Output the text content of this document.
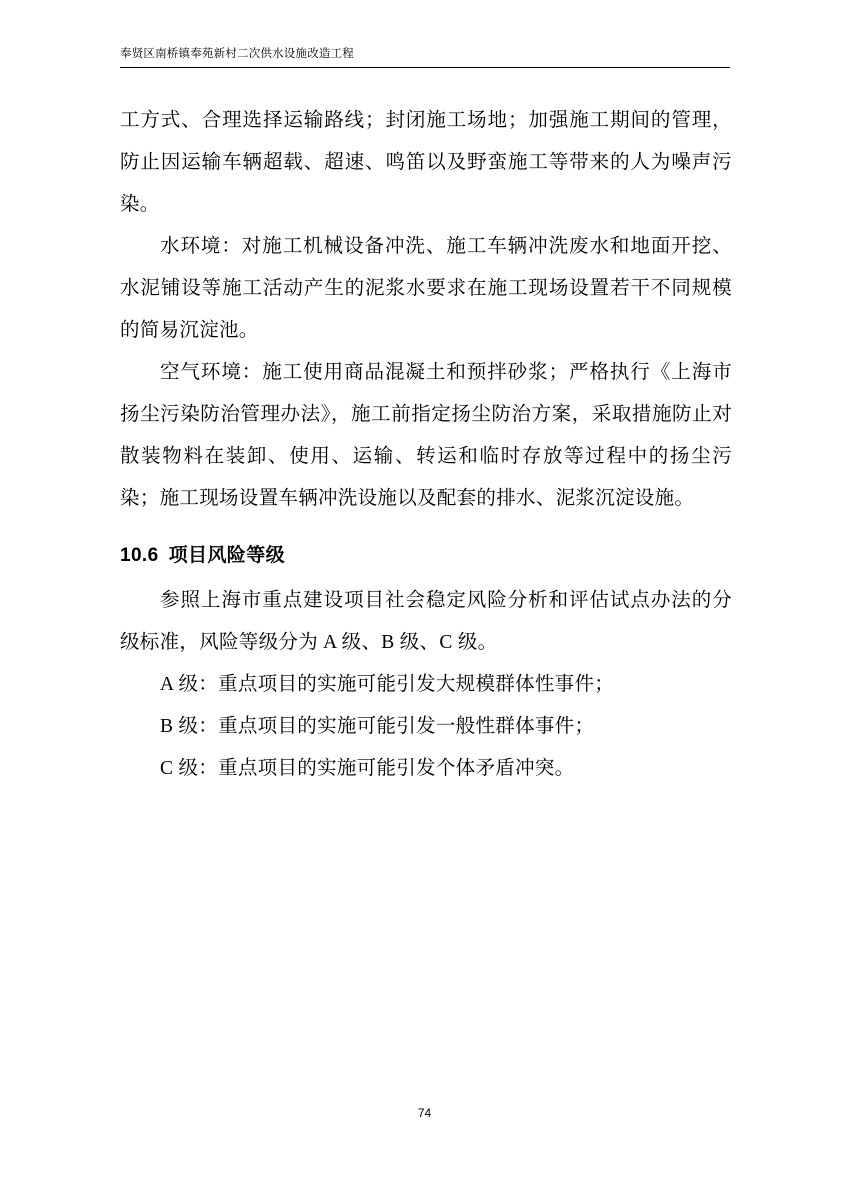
奉贤区南桥镇奉苑新村二次供水设施改造工程

工方式、合理选择运输路线；封闭施工场地；加强施工期间的管理，防止因运输车辆超载、超速、鸣笛以及野蛮施工等带来的人为噪声污染。

水环境：对施工机械设备冲洗、施工车辆冲洗废水和地面开挖、水泥铺设等施工活动产生的泥浆水要求在施工现场设置若干不同规模的简易沉淀池。

空气环境：施工使用商品混凝土和预拌砂浆；严格执行《上海市扬尘污染防治管理办法》，施工前指定扬尘防治方案，采取措施防止对散装物料在装卸、使用、运输、转运和临时存放等过程中的扬尘污染；施工现场设置车辆冲洗设施以及配套的排水、泥浆沉淀设施。

10.6 项目风险等级

参照上海市重点建设项目社会稳定风险分析和评估试点办法的分级标准，风险等级分为 A 级、B 级、C 级。

A 级：重点项目的实施可能引发大规模群体性事件；

B 级：重点项目的实施可能引发一般性群体事件；

C 级：重点项目的实施可能引发个体矛盾冲突。

74
